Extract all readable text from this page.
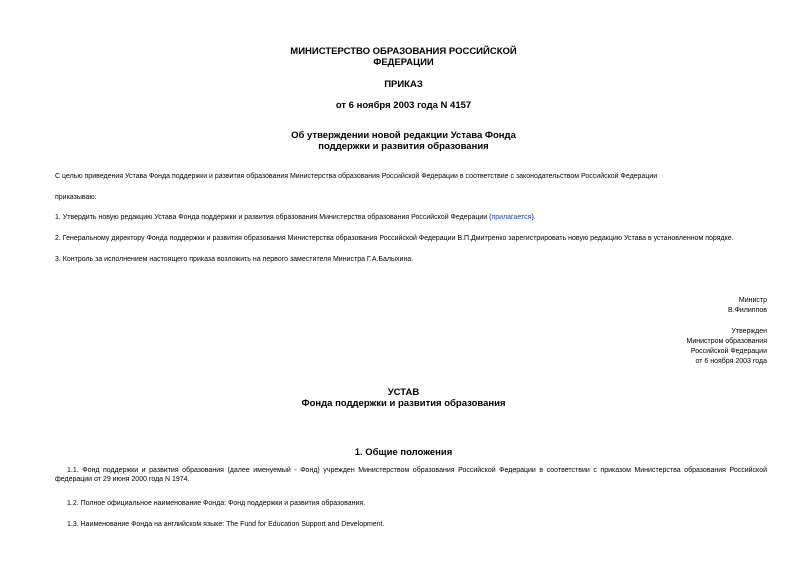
МИНИСТЕРСТВО ОБРАЗОВАНИЯ РОССИЙСКОЙ
ФЕДЕРАЦИИ
ПРИКАЗ
от 6 ноября 2003 года N 4157
Об утверждении новой редакции Устава Фонда
поддержки и развития образования
С целью приведения Устава Фонда поддержки и развития образования Министерства образования Российской Федерации в соответствие с законодательством Российской Федерации
приказываю:
1. Утвердить новую редакцию Устава Фонда поддержки и развития образования Министерства образования Российской Федерации (прилагается).
2. Генеральному директору Фонда поддержки и развития образования Министерства образования Российской Федерации В.П.Дмитренко зарегистрировать новую редакцию Устава в установленном порядке.
3. Контроль за исполнением настоящего приказа возложить на первого заместителя Министра Г.А.Балыхина.
Министр
В.Филиппов
Утвержден
Министром образования
Российской Федерации
от 6 ноября 2003 года
УСТАВ
Фонда поддержки и развития образования
1. Общие положения
1.1. Фонд поддержки и развития образования (далее именуемый - Фонд) учрежден Министерством образования Российской Федерации в соответствии с приказом Министерства образования Российской федерации от 29 июня 2000 года N 1974.
1.2. Полное официальное наименование Фонда: Фонд поддержки и развития образования.
1.3. Наименование Фонда на английском языке: The Fund for Education Support and Development.
